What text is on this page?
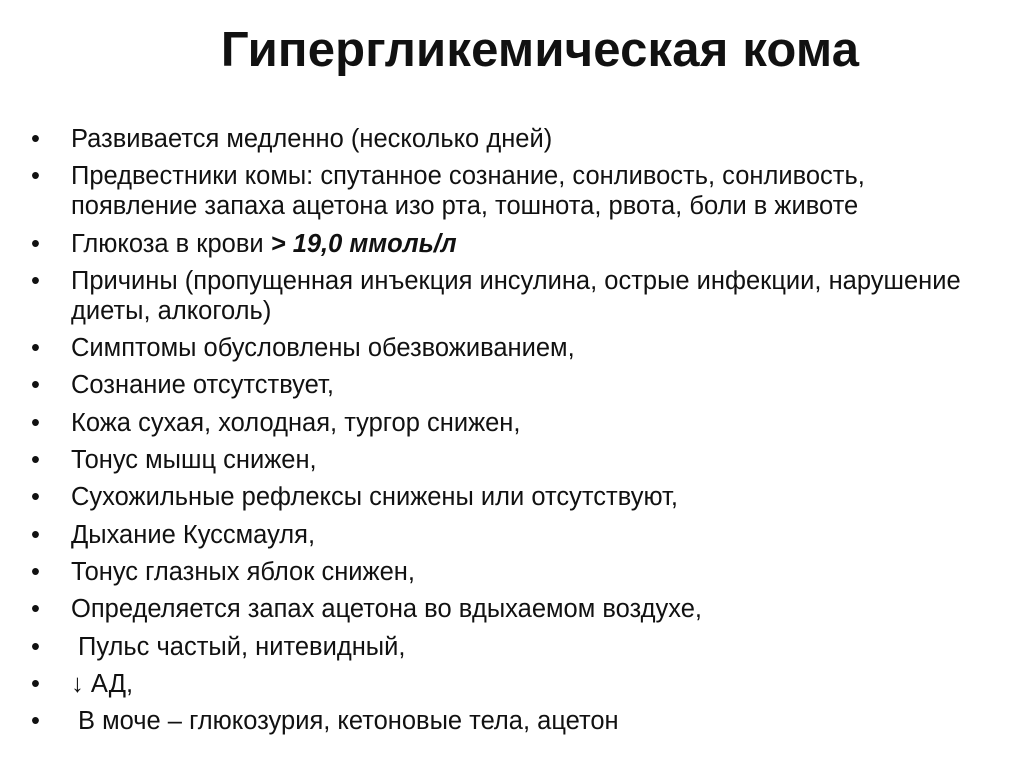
Гипергликемическая кома
•	Развивается медленно (несколько дней)
•	Предвестники комы: спутанное сознание, сонливость, сонливость, появление запаха ацетона изо рта, тошнота, рвота, боли в животе
•	Глюкоза в крови > 19,0 ммоль/л
•	Причины (пропущенная инъекция инсулина, острые инфекции, нарушение диеты, алкоголь)
•	Симптомы обусловлены обезвоживанием,
•	Сознание отсутствует,
•	Кожа сухая, холодная, тургор снижен,
•	Тонус мышц снижен,
•	Сухожильные рефлексы снижены или отсутствуют,
•	Дыхание Куссмауля,
•	Тонус глазных яблок снижен,
•	Определяется запах ацетона во вдыхаемом воздухе,
•	Пульс частый, нитевидный,
•	↓ АД,
•	В моче – глюкозурия, кетоновые тела, ацетон
